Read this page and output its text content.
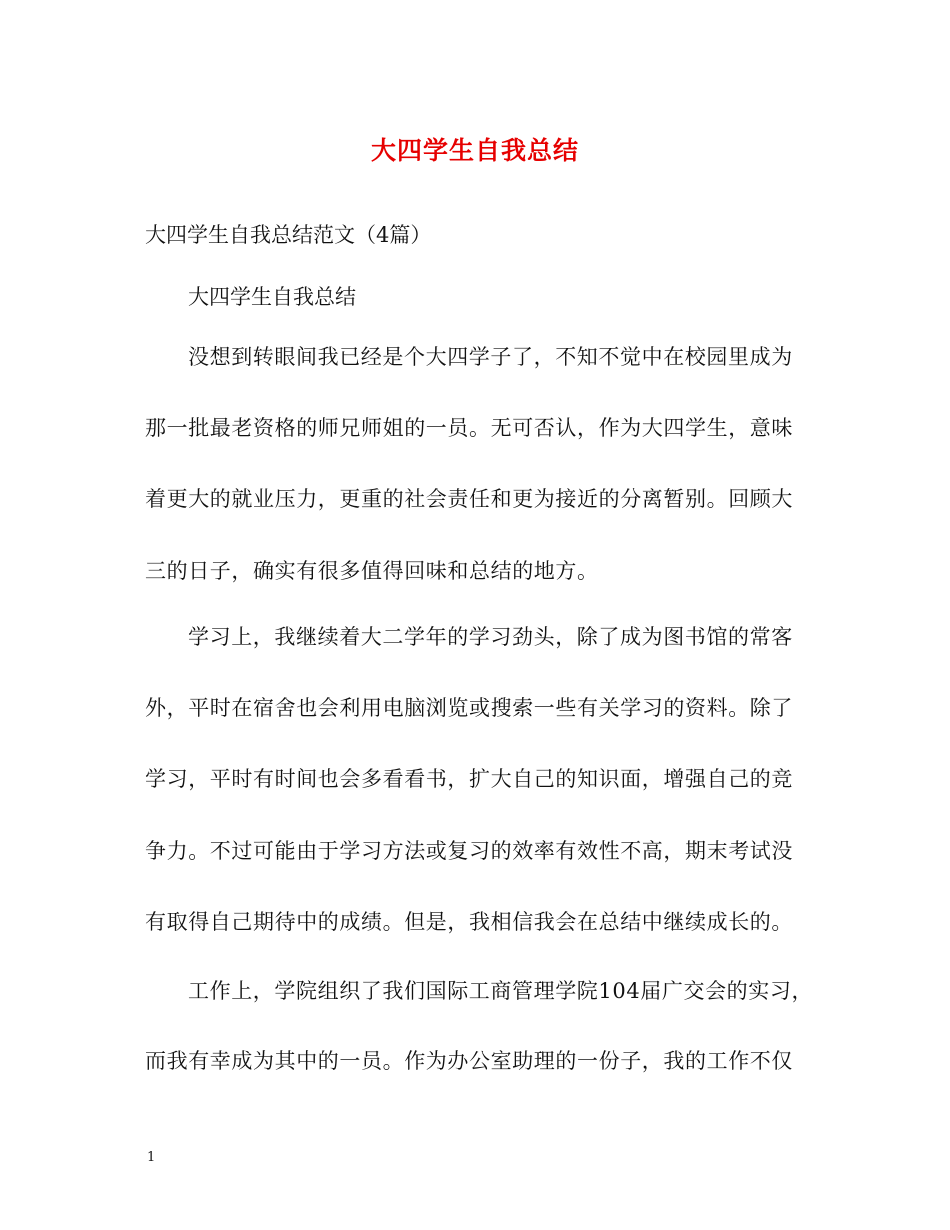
大四学生自我总结
大四学生自我总结范文（4篇）
大四学生自我总结
没想到转眼间我已经是个大四学子了，不知不觉中在校园里成为
那一批最老资格的师兄师姐的一员。无可否认，作为大四学生，意味
着更大的就业压力，更重的社会责任和更为接近的分离暂别。回顾大
三的日子，确实有很多值得回味和总结的地方。
学习上，我继续着大二学年的学习劲头，除了成为图书馆的常客
外，平时在宿舍也会利用电脑浏览或搜索一些有关学习的资料。除了
学习，平时有时间也会多看看书，扩大自己的知识面，增强自己的竞
争力。不过可能由于学习方法或复习的效率有效性不高，期末考试没
有取得自己期待中的成绩。但是，我相信我会在总结中继续成长的。
工作上，学院组织了我们国际工商管理学院104届广交会的实习，
而我有幸成为其中的一员。作为办公室助理的一份子，我的工作不仅
1
